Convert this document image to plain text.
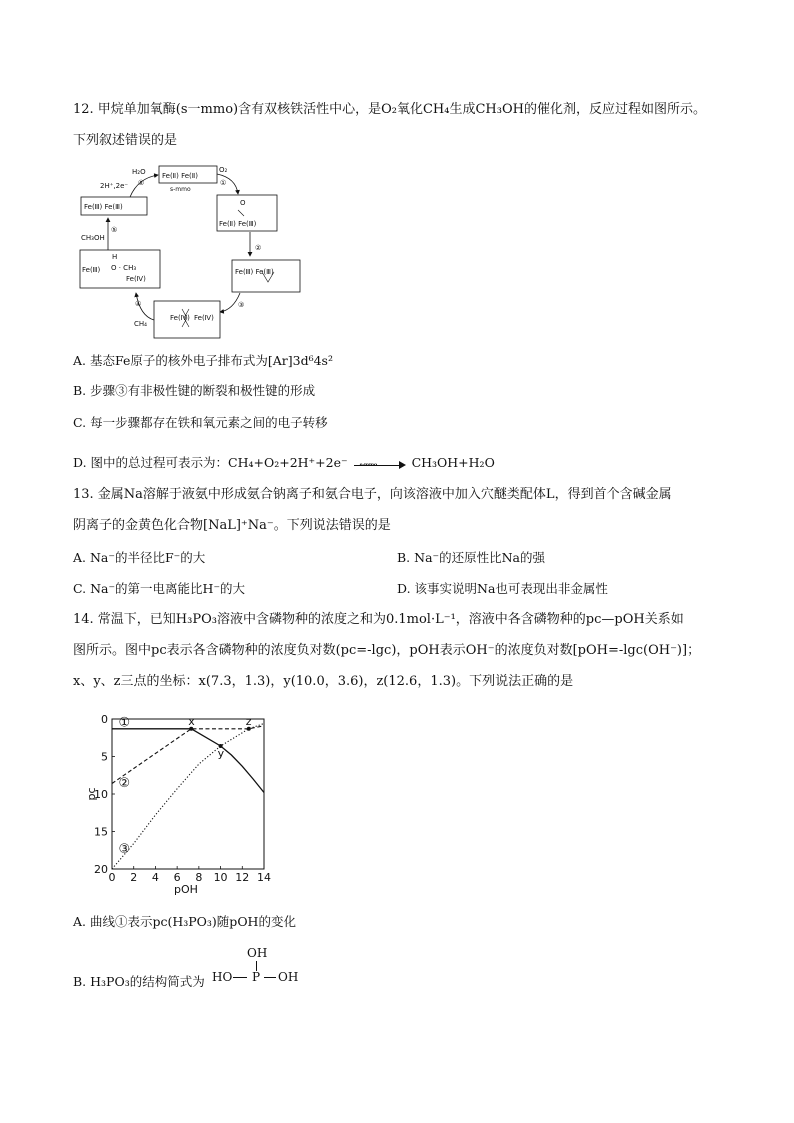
12. 甲烷单加氧酶(s一mmo)含有双核铁活性中心，是O₂氧化CH₄生成CH₃OH的催化剂，反应过程如图所示。
下列叙述错误的是
Fe(Ⅱ) Fe(Ⅱ)
s-mmo
O₂
①
O
Fe(Ⅱ) Fe(Ⅲ)
②
Fe(Ⅲ) Fe(Ⅲ)
③
Fe(Ⅳ) Fe(Ⅳ)
④
CH₄
H
O · CH₃
Fe(Ⅲ)
Fe(Ⅳ)
⑤
CH₃OH
Fe(Ⅲ) Fe(Ⅲ)
⑥
2H⁺,2e⁻
H₂O
A. 基态Fe原子的核外电子排布式为[Ar]3d⁶4s²
B. 步骤③有非极性键的断裂和极性键的形成
C. 每一步骤都存在铁和氧元素之间的电子转移
D. 图中的总过程可表示为：CH₄+O₂+2H⁺+2e⁻ s-mmo	CH₃OH+H₂O
13. 金属Na溶解于液氨中形成氨合钠离子和氨合电子，向该溶液中加入穴醚类配体L，得到首个含碱金属
阴离子的金黄色化合物[NaL]⁺Na⁻。下列说法错误的是
A. Na⁻的半径比F⁻的大	B. Na⁻的还原性比Na的强
C. Na⁻的第一电离能比H⁻的大	D. 该事实说明Na也可表现出非金属性
14. 常温下，已知H₃PO₃溶液中含磷物种的浓度之和为0.1mol·L⁻¹，溶液中各含磷物种的pc—pOH关系如
图所示。图中pc表示各含磷物种的浓度负对数(pc=-lgc)，pOH表示OH⁻的浓度负对数[pOH=-lgc(OH⁻)]；
x、y、z三点的坐标：x(7.3，1.3)，y(10.0，3.6)，z(12.6，1.3)。下列说法正确的是
0 2 4 6 8 10 12 14
0
5
10
15
20
pOH
pc
①
②
③
x
y
z
A. 曲线①表示pc(H₃PO₃)随pOH的变化
B. H₃PO₃的结构简式为
OH
HO P OH
